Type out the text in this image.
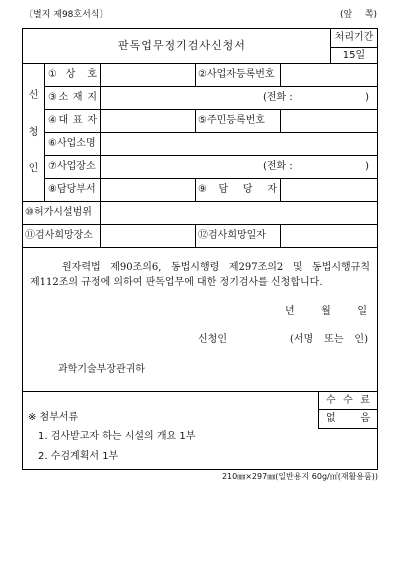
〔별지 제98호서식〕	(앞 쪽)
판독업무정기검사신청서
처리기간
15일
신
청
인
①상 호	②사업자등록번호
③소 재 지	(전화 :	)
④대 표 자	⑤주민등록번호
⑥사업소명
⑦사업장소	(전화 :	)
⑧담당부서	⑨담 당 자
⑩허가시설범위
⑪검사희망장소	⑫검사희망일자
원자력법 제90조의6, 동법시행령 제297조의2 및 동법시행규칙
제112조의 규정에 의하여 판독업무에 대한 정기검사를 신청합니다.
년 월 일
신청인	(서명 또는 인)
과학기술부장관귀하
수 수 료
없 음
※ 첨부서류
1. 검사받고자 하는 시설의 개요 1부
2. 수검계획서 1부
210㎜×297㎜(일반용지 60g/㎡(재활용품))
